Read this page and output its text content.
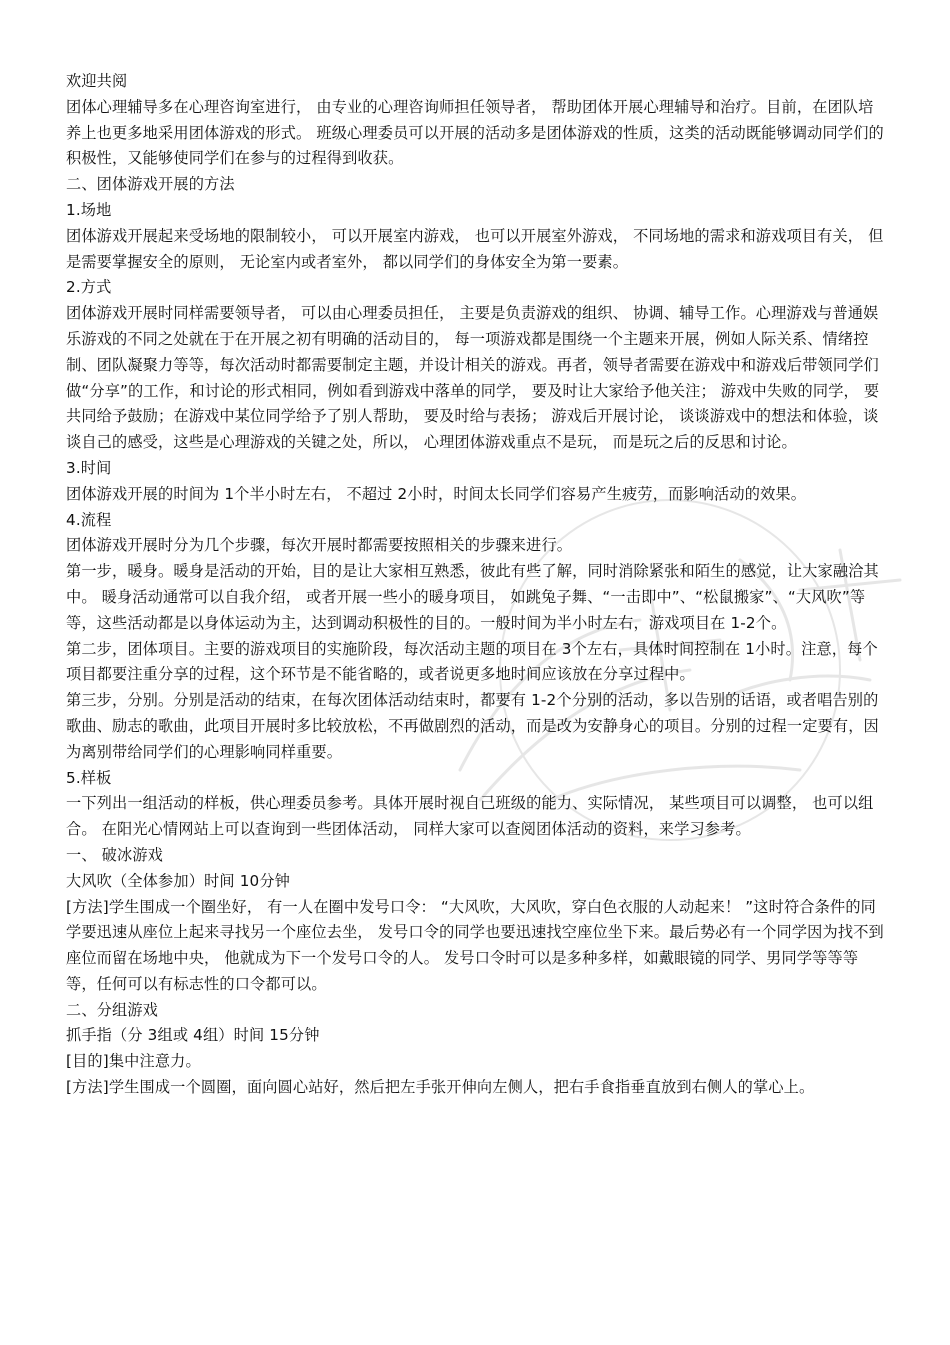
欢迎共阅

团体心理辅导多在心理咨询室进行， 由专业的心理咨询师担任领导者， 帮助团体开展心理辅导和治疗。目前，在团队培养上也更多地采用团体游戏的形式。 班级心理委员可以开展的活动多是团体游戏的性质，这类的活动既能够调动同学们的积极性，又能够使同学们在参与的过程得到收获。

二、团体游戏开展的方法

1.场地

团体游戏开展起来受场地的限制较小， 可以开展室内游戏， 也可以开展室外游戏， 不同场地的需求和游戏项目有关， 但是需要掌握安全的原则， 无论室内或者室外， 都以同学们的身体安全为第一要素。

2.方式

团体游戏开展时同样需要领导者， 可以由心理委员担任， 主要是负责游戏的组织、 协调、辅导工作。心理游戏与普通娱乐游戏的不同之处就在于在开展之初有明确的活动目的， 每一项游戏都是围绕一个主题来开展，例如人际关系、情绪控制、团队凝聚力等等，每次活动时都需要制定主题，并设计相关的游戏。再者，领导者需要在游戏中和游戏后带领同学们做“分享”的工作，和讨论的形式相同，例如看到游戏中落单的同学， 要及时让大家给予他关注； 游戏中失败的同学， 要共同给予鼓励；在游戏中某位同学给予了别人帮助， 要及时给与表扬； 游戏后开展讨论， 谈谈游戏中的想法和体验，谈谈自己的感受，这些是心理游戏的关键之处，所以， 心理团体游戏重点不是玩， 而是玩之后的反思和讨论。

3.时间

团体游戏开展的时间为 1个半小时左右， 不超过 2小时，时间太长同学们容易产生疲劳，而影响活动的效果。

4.流程

团体游戏开展时分为几个步骤，每次开展时都需要按照相关的步骤来进行。

第一步，暖身。暖身是活动的开始，目的是让大家相互熟悉，彼此有些了解，同时消除紧张和陌生的感觉，让大家融洽其中。 暖身活动通常可以自我介绍， 或者开展一些小的暖身项目， 如跳兔子舞、“一击即中”、“松鼠搬家”、“大风吹”等等，这些活动都是以身体运动为主，达到调动积极性的目的。一般时间为半小时左右，游戏项目在 1-2个。

第二步，团体项目。主要的游戏项目的实施阶段，每次活动主题的项目在 3个左右，具体时间控制在 1小时。注意，每个项目都要注重分享的过程，这个环节是不能省略的，或者说更多地时间应该放在分享过程中。

第三步，分别。分别是活动的结束，在每次团体活动结束时，都要有 1-2个分别的活动，多以告别的话语，或者唱告别的歌曲、励志的歌曲，此项目开展时多比较放松，不再做剧烈的活动，而是改为安静身心的项目。分别的过程一定要有，因为离别带给同学们的心理影响同样重要。

5.样板

一下列出一组活动的样板，供心理委员参考。具体开展时视自己班级的能力、实际情况， 某些项目可以调整， 也可以组合。 在阳光心情网站上可以查询到一些团体活动， 同样大家可以查阅团体活动的资料，来学习参考。

一、 破冰游戏

大风吹（全体参加）时间 10分钟

[方法]学生围成一个圈坐好， 有一人在圈中发号口令： “大风吹，大风吹，穿白色衣服的人动起来！ ”这时符合条件的同学要迅速从座位上起来寻找另一个座位去坐， 发号口令的同学也要迅速找空座位坐下来。最后势必有一个同学因为找不到座位而留在场地中央， 他就成为下一个发号口令的人。 发号口令时可以是多种多样，如戴眼镜的同学、男同学等等等等，任何可以有标志性的口令都可以。

二、分组游戏

抓手指（分 3组或 4组）时间 15分钟

[目的]集中注意力。

[方法]学生围成一个圆圈，面向圆心站好，然后把左手张开伸向左侧人，把右手食指垂直放到右侧人的掌心上。
